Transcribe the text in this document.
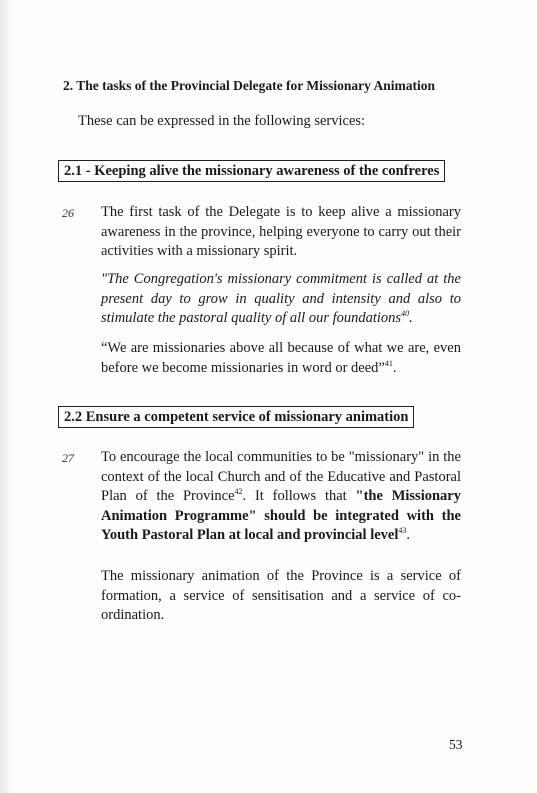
2. The tasks of the Provincial Delegate for Missionary Animation
These can be expressed in the following services:
2.1 - Keeping alive the missionary awareness of the confreres
26 The first task of the Delegate is to keep alive a missionary awareness in the province, helping everyone to carry out their activities with a missionary spirit.
"The Congregation's missionary commitment is called at the present day to grow in quality and intensity and also to stimulate the pastoral quality of all our foundations$^{40}$.
“We are missionaries above all because of what we are, even before we become missionaries in word or deed”$^{41}$.
2.2 Ensure a competent service of missionary animation
27 To encourage the local communities to be "missionary" in the context of the local Church and of the Educative and Pastoral Plan of the Province$^{42}$. It follows that "the Missionary Animation Programme" should be integrated with the Youth Pastoral Plan at local and provincial level$^{43}$.
The missionary animation of the Province is a service of formation, a service of sensitisation and a service of co-ordination.
53
